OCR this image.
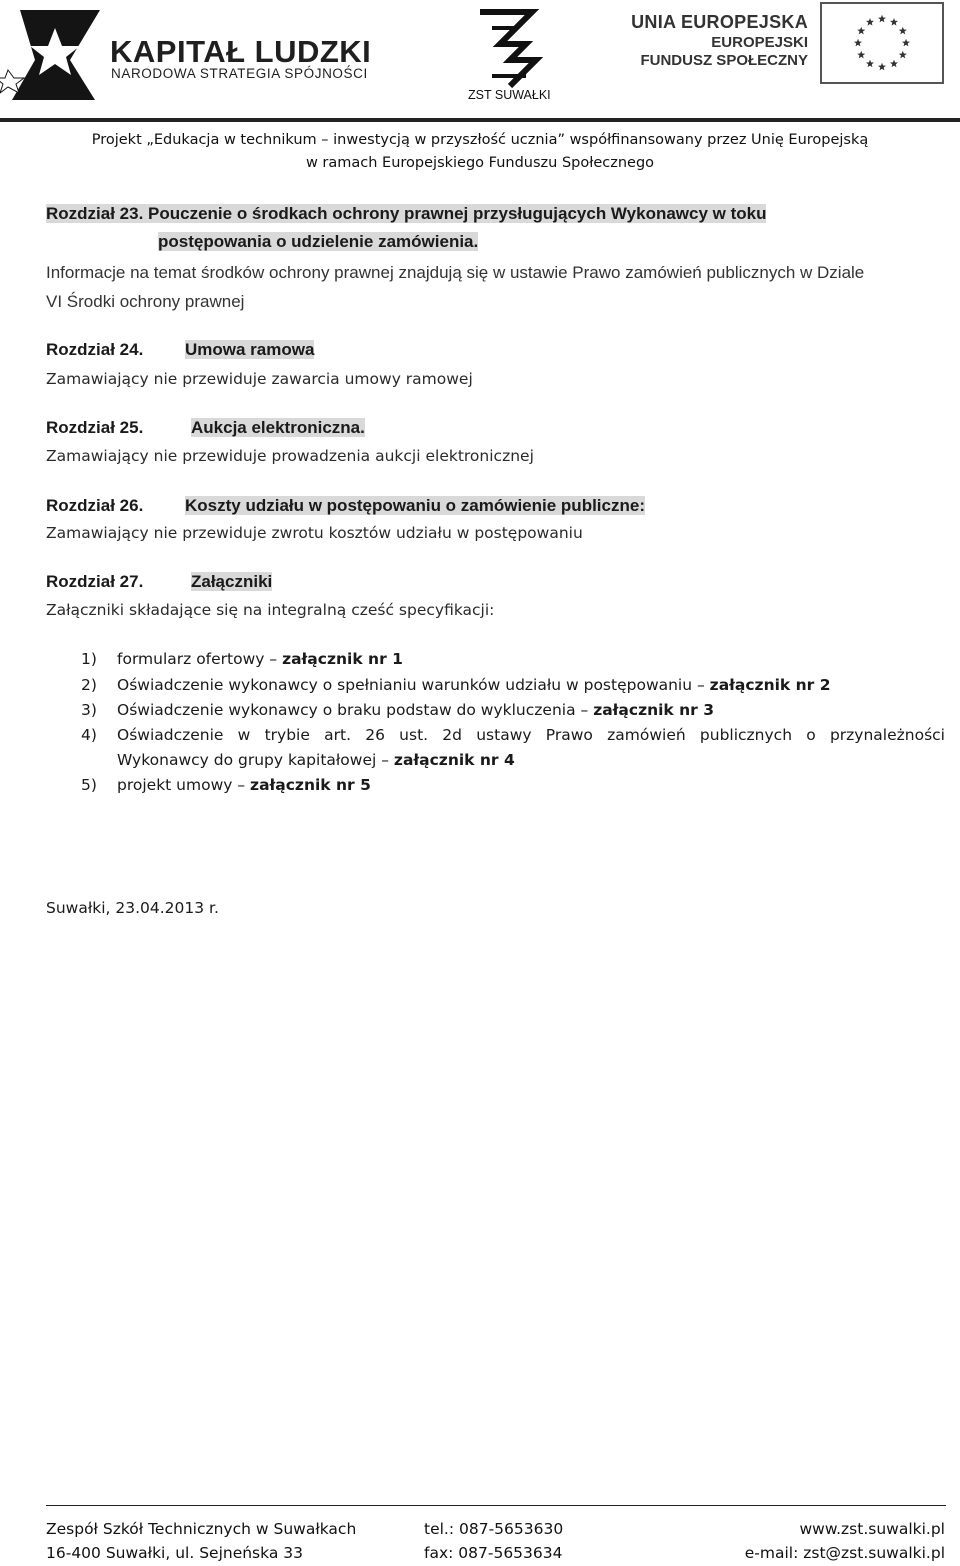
KAPITAŁ LUDZKI
NARODOWA STRATEGIA SPÓJNOŚCI
ZST SUWAŁKI
UNIA EUROPEJSKA
EUROPEJSKI
FUNDUSZ SPOŁECZNY
Projekt „Edukacja w technikum – inwestycją w przyszłość ucznia” współfinansowany przez Unię Europejską
w ramach Europejskiego Funduszu Społecznego
Rozdział 23. Pouczenie o środkach ochrony prawnej przysługujących Wykonawcy w toku
postępowania o udzielenie zamówienia.
Informacje na temat środków ochrony prawnej znajdują się w ustawie Prawo zamówień publicznych w Dziale
VI Środki ochrony prawnej
Rozdział 24. Umowa ramowa
Zamawiający nie przewiduje zawarcia umowy ramowej
Rozdział 25.	Aukcja elektroniczna.
Zamawiający nie przewiduje prowadzenia aukcji elektronicznej
Rozdział 26. Koszty udziału w postępowaniu o zamówienie publiczne:
Zamawiający nie przewiduje zwrotu kosztów udziału w postępowaniu
Rozdział 27.	Załączniki
Załączniki składające się na integralną cześć specyfikacji:
1) formularz ofertowy – załącznik nr 1
2) Oświadczenie wykonawcy o spełnianiu warunków udziału w postępowaniu – załącznik nr 2
3) Oświadczenie wykonawcy o braku podstaw do wykluczenia – załącznik nr 3
4) Oświadczenie w trybie art. 26 ust. 2d ustawy Prawo zamówień publicznych o przynależności
Wykonawcy do grupy kapitałowej – załącznik nr 4
5) projekt umowy – załącznik nr 5
Suwałki, 23.04.2013 r.
Zespół Szkół Technicznych w Suwałkach
16-400 Suwałki, ul. Sejneńska 33
tel.: 087-5653630
fax: 087-5653634
www.zst.suwalki.pl
e-mail: zst@zst.suwalki.pl
